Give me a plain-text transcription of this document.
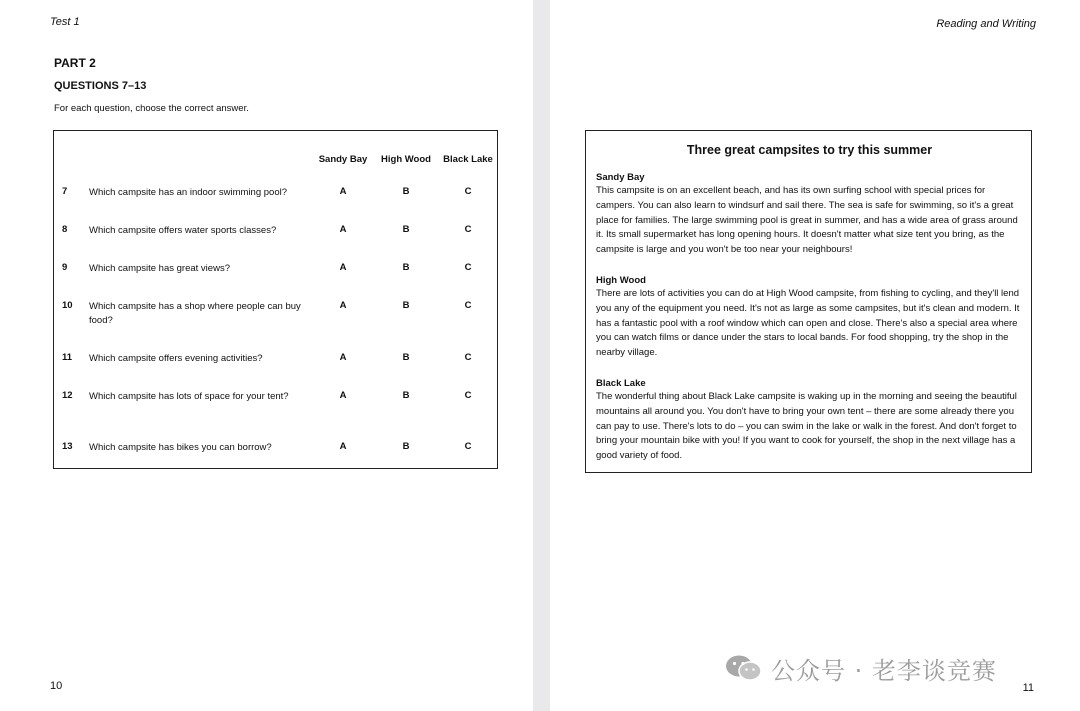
Test 1
PART 2
QUESTIONS 7–13
For each question, choose the correct answer.
Sandy Bay	High Wood	Black Lake
7 Which campsite has an indoor swimming pool?	A	B	C
8 Which campsite offers water sports classes?	A	B	C
9 Which campsite has great views?	A	B	C
10 Which campsite has a shop where people can buy food?
A	B	C
11 Which campsite offers evening activities?	A	B	C
12 Which campsite has lots of space for your tent?	A	B	C
13 Which campsite has bikes you can borrow?	A	B	C
10
Reading and Writing
Three great campsites to try this summer
Sandy Bay

This campsite is on an excellent beach, and has its own surfing school with special prices for campers. You can also learn to windsurf and sail there. The sea is safe for swimming, so it's a great place for families. The large swimming pool is great in summer, and has a wide area of grass around it. Its small supermarket has long opening hours. It doesn't matter what size tent you bring, as the campsite is large and you won't be too near your neighbours!

High Wood

There are lots of activities you can do at High Wood campsite, from fishing to cycling, and they'll lend you any of the equipment you need. It's not as large as some campsites, but it's clean and modern. It has a fantastic pool with a roof window which can open and close. There's also a special area where you can watch films or dance under the stars to local bands. For food shopping, try the shop in the nearby village.

Black Lake

The wonderful thing about Black Lake campsite is waking up in the morning and seeing the beautiful mountains all around you. You don't have to bring your own tent – there are some already there you can pay to use. There's lots to do – you can swim in the lake or walk in the forest. And don't forget to bring your mountain bike with you! If you want to cook for yourself, the shop in the next village has a good variety of food.

11
公众号 · 老李谈竞赛
